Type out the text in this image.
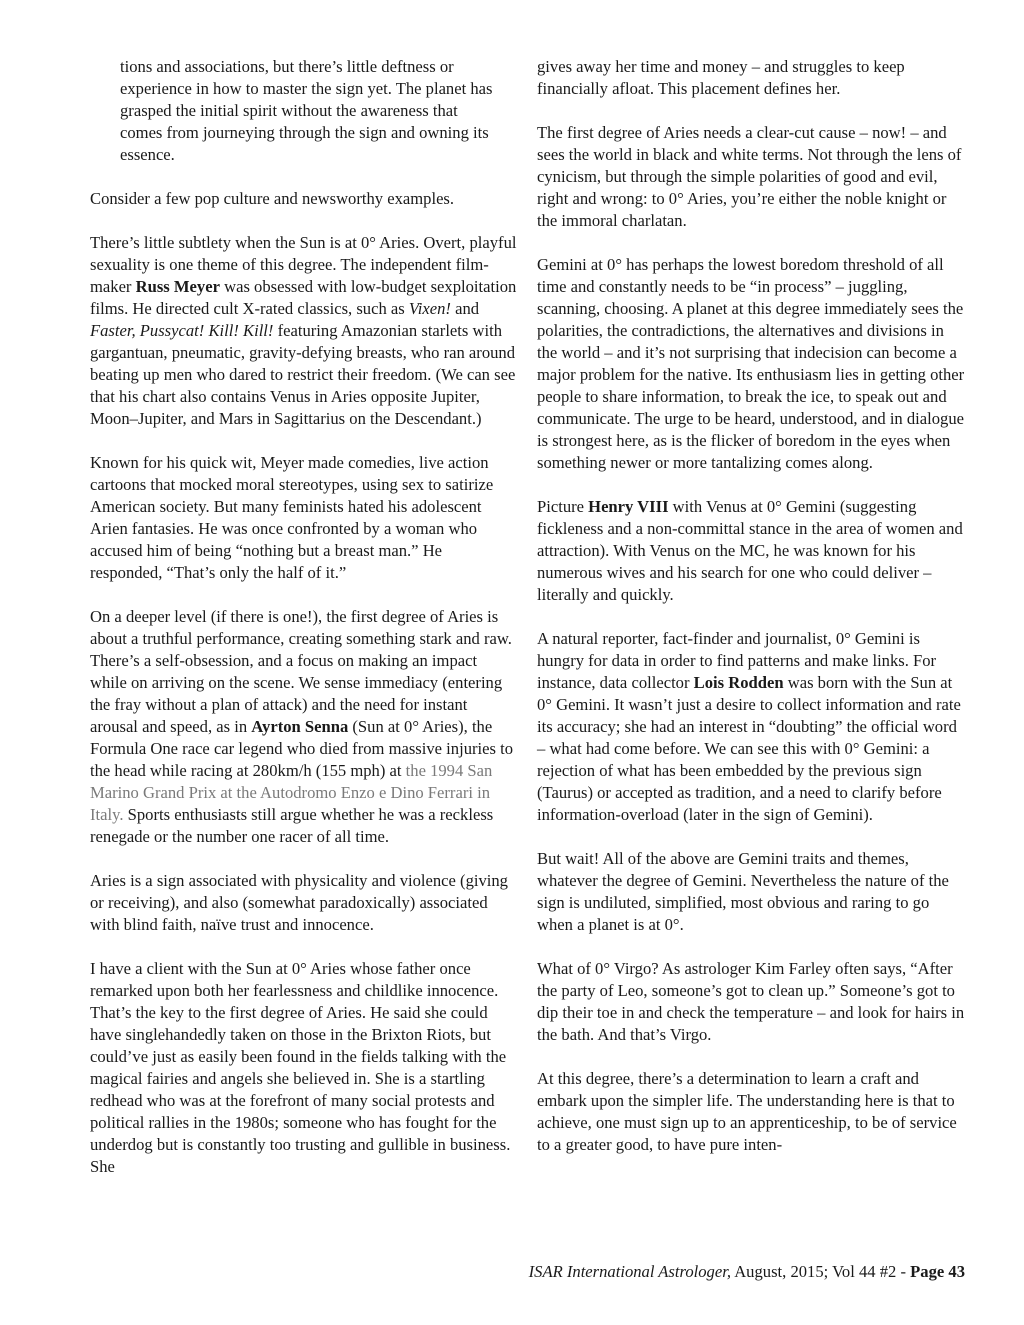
tions and associations, but there’s little deftness or experience in how to master the sign yet. The planet has grasped the initial spirit without the awareness that comes from journeying through the sign and owning its essence.

Consider a few pop culture and newsworthy examples.

There’s little subtlety when the Sun is at 0° Aries. Overt, playful sexuality is one theme of this degree. The independent film-maker Russ Meyer was obsessed with low-budget sexploitation films. He directed cult X-rated classics, such as Vixen! and Faster, Pussycat! Kill! Kill! featuring Amazonian starlets with gargantuan, pneumatic, gravity-defying breasts, who ran around beating up men who dared to restrict their freedom. (We can see that his chart also contains Venus in Aries opposite Jupiter, Moon–Jupiter, and Mars in Sagittarius on the Descendant.)

Known for his quick wit, Meyer made comedies, live action cartoons that mocked moral stereotypes, using sex to satirize American society. But many feminists hated his adolescent Arien fantasies. He was once confronted by a woman who accused him of being “nothing but a breast man.” He responded, “That’s only the half of it.”

On a deeper level (if there is one!), the first degree of Aries is about a truthful performance, creating something stark and raw. There’s a self-obsession, and a focus on making an impact while on arriving on the scene. We sense immediacy (entering the fray without a plan of attack) and the need for instant arousal and speed, as in Ayrton Senna (Sun at 0° Aries), the Formula One race car legend who died from massive injuries to the head while racing at 280km/h (155 mph) at the 1994 San Marino Grand Prix at the Autodromo Enzo e Dino Ferrari in Italy. Sports enthusiasts still argue whether he was a reckless renegade or the number one racer of all time.

Aries is a sign associated with physicality and violence (giving or receiving), and also (somewhat paradoxically) associated with blind faith, naïve trust and innocence.

I have a client with the Sun at 0° Aries whose father once remarked upon both her fearlessness and childlike innocence. That’s the key to the first degree of Aries. He said she could have singlehandedly taken on those in the Brixton Riots, but could’ve just as easily been found in the fields talking with the magical fairies and angels she believed in. She is a startling redhead who was at the forefront of many social protests and political rallies in the 1980s; someone who has fought for the underdog but is constantly too trusting and gullible in business. She

gives away her time and money – and struggles to keep financially afloat. This placement defines her.

The first degree of Aries needs a clear-cut cause – now! – and sees the world in black and white terms. Not through the lens of cynicism, but through the simple polarities of good and evil, right and wrong: to 0° Aries, you’re either the noble knight or the immoral charlatan.

Gemini at 0° has perhaps the lowest boredom threshold of all time and constantly needs to be “in process” – juggling, scanning, choosing. A planet at this degree immediately sees the polarities, the contradictions, the alternatives and divisions in the world – and it’s not surprising that indecision can become a major problem for the native. Its enthusiasm lies in getting other people to share information, to break the ice, to speak out and communicate. The urge to be heard, understood, and in dialogue is strongest here, as is the flicker of boredom in the eyes when something newer or more tantalizing comes along.

Picture Henry VIII with Venus at 0° Gemini (suggesting fickleness and a non-committal stance in the area of women and attraction). With Venus on the MC, he was known for his numerous wives and his search for one who could deliver – literally and quickly.

A natural reporter, fact-finder and journalist, 0° Gemini is hungry for data in order to find patterns and make links. For instance, data collector Lois Rodden was born with the Sun at 0° Gemini. It wasn’t just a desire to collect information and rate its accuracy; she had an interest in “doubting” the official word – what had come before. We can see this with 0° Gemini: a rejection of what has been embedded by the previous sign (Taurus) or accepted as tradition, and a need to clarify before information-overload (later in the sign of Gemini).

But wait! All of the above are Gemini traits and themes, whatever the degree of Gemini. Nevertheless the nature of the sign is undiluted, simplified, most obvious and raring to go when a planet is at 0°.

What of 0° Virgo? As astrologer Kim Farley often says, “After the party of Leo, someone’s got to clean up.” Someone’s got to dip their toe in and check the temperature – and look for hairs in the bath. And that’s Virgo.

At this degree, there’s a determination to learn a craft and embark upon the simpler life. The understanding here is that to achieve, one must sign up to an apprenticeship, to be of service to a greater good, to have pure inten-

ISAR International Astrologer, August, 2015; Vol 44 #2 - Page 43
